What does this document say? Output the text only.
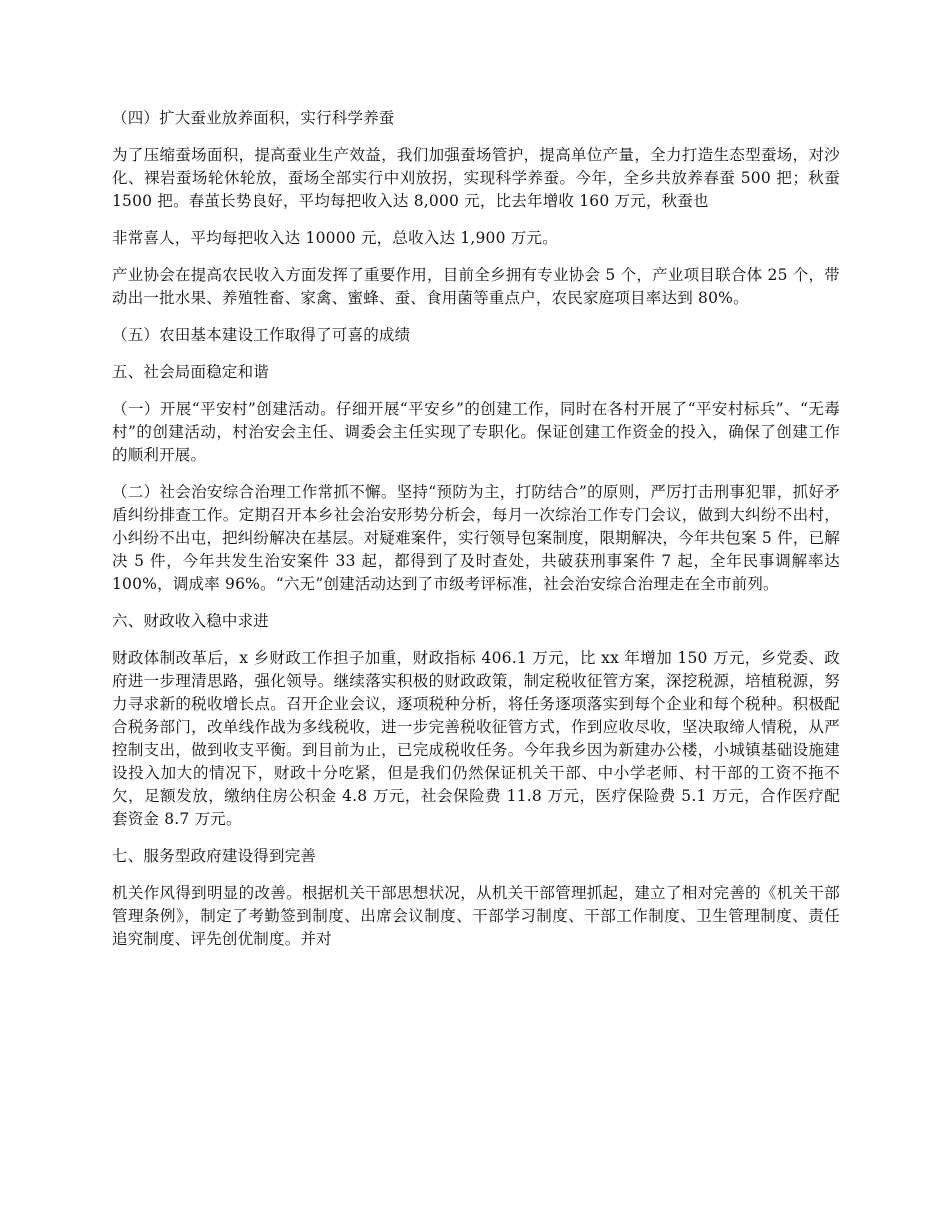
（四）扩大蚕业放养面积，实行科学养蚕

为了压缩蚕场面积，提高蚕业生产效益，我们加强蚕场管护，提高单位产量，全力打造生态型蚕场，对沙化、裸岩蚕场轮休轮放，蚕场全部实行中刈放拐，实现科学养蚕。今年，全乡共放养春蚕 500 把；秋蚕 1500 把。春茧长势良好，平均每把收入达 8,000 元，比去年增收 160 万元，秋蚕也

非常喜人，平均每把收入达 10000 元，总收入达 1,900 万元。

产业协会在提高农民收入方面发挥了重要作用，目前全乡拥有专业协会 5 个，产业项目联合体 25 个，带动出一批水果、养殖牲畜、家禽、蜜蜂、蚕、食用菌等重点户，农民家庭项目率达到 80%。

（五）农田基本建设工作取得了可喜的成绩

五、社会局面稳定和谐

（一）开展“平安村”创建活动。仔细开展“平安乡”的创建工作，同时在各村开展了“平安村标兵”、“无毒村”的创建活动，村治安会主任、调委会主任实现了专职化。保证创建工作资金的投入，确保了创建工作的顺利开展。

（二）社会治安综合治理工作常抓不懈。坚持“预防为主，打防结合”的原则，严厉打击刑事犯罪，抓好矛盾纠纷排查工作。定期召开本乡社会治安形势分析会，每月一次综治工作专门会议，做到大纠纷不出村，小纠纷不出屯，把纠纷解决在基层。对疑难案件，实行领导包案制度，限期解决，今年共包案 5 件，已解决 5 件，今年共发生治安案件 33 起，都得到了及时查处，共破获刑事案件 7 起，全年民事调解率达 100%，调成率 96%。“六无”创建活动达到了市级考评标准，社会治安综合治理走在全市前列。

六、财政收入稳中求进

财政体制改革后，x 乡财政工作担子加重，财政指标 406.1 万元，比 xx 年增加 150 万元，乡党委、政府进一步理清思路，强化领导。继续落实积极的财政政策，制定税收征管方案，深挖税源，培植税源，努力寻求新的税收增长点。召开企业会议，逐项税种分析，将任务逐项落实到每个企业和每个税种。积极配合税务部门，改单线作战为多线税收，进一步完善税收征管方式，作到应收尽收，坚决取缔人情税，从严控制支出，做到收支平衡。到目前为止，已完成税收任务。今年我乡因为新建办公楼，小城镇基础设施建设投入加大的情况下，财政十分吃紧，但是我们仍然保证机关干部、中小学老师、村干部的工资不拖不欠，足额发放，缴纳住房公积金 4.8 万元，社会保险费 11.8 万元，医疗保险费 5.1 万元，合作医疗配套资金 8.7 万元。

七、服务型政府建设得到完善

机关作风得到明显的改善。根据机关干部思想状况，从机关干部管理抓起，建立了相对完善的《机关干部管理条例》，制定了考勤签到制度、出席会议制度、干部学习制度、干部工作制度、卫生管理制度、责任追究制度、评先创优制度。并对
